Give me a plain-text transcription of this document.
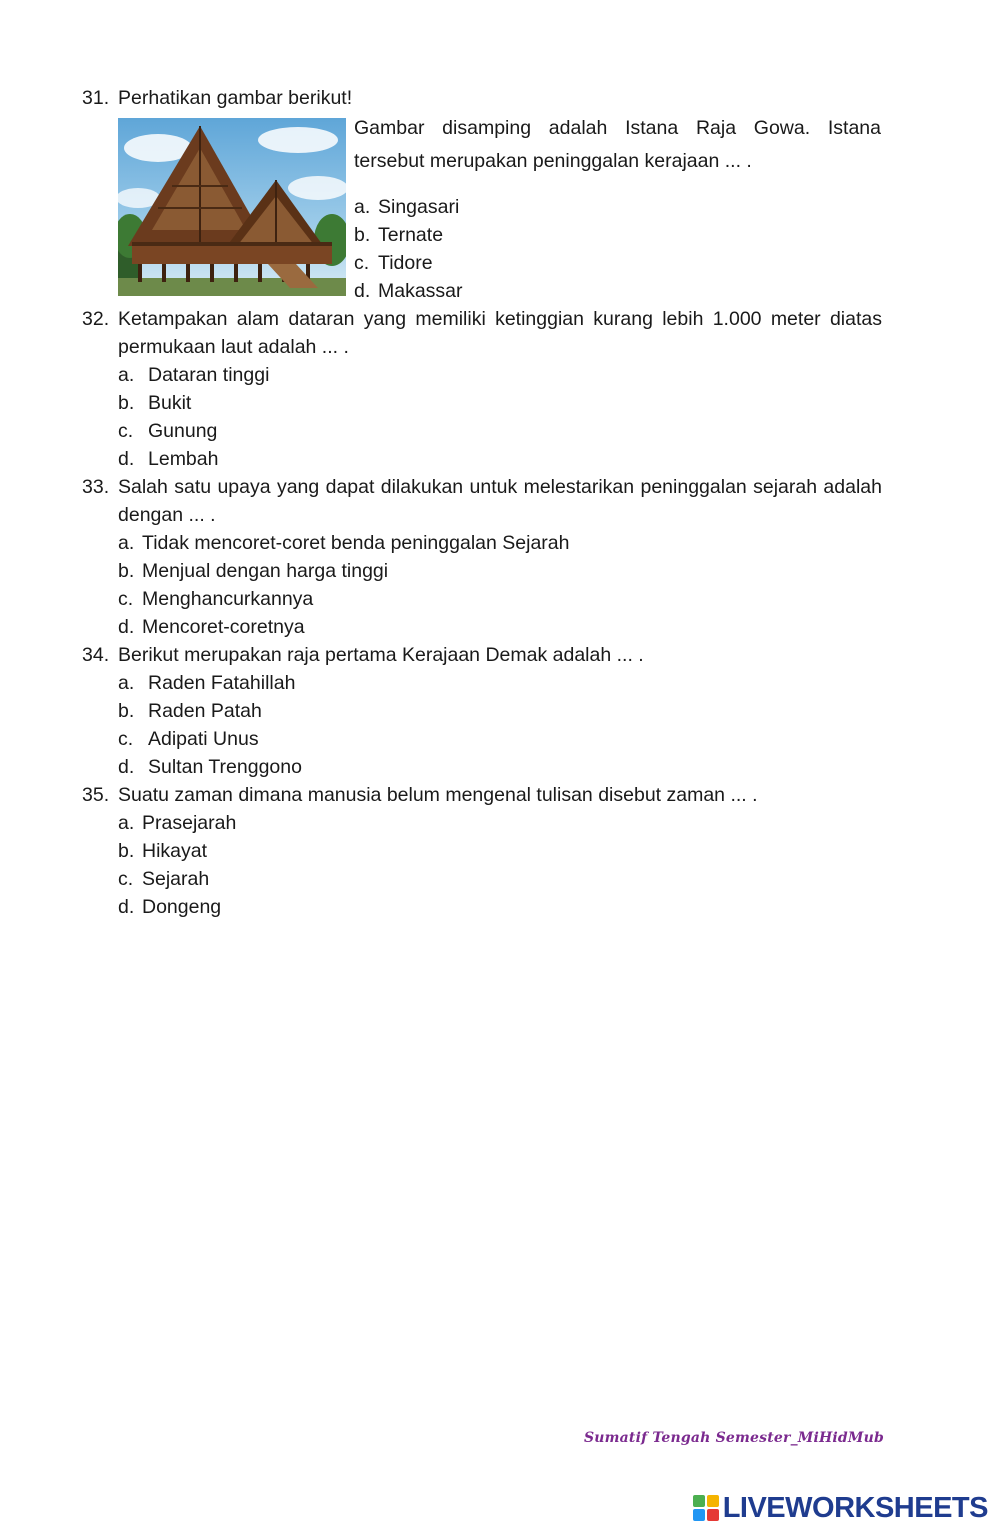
31. Perhatikan gambar berikut!
Gambar disamping adalah Istana Raja Gowa. Istana tersebut merupakan peninggalan kerajaan ... .
a. Singasari
b. Ternate
c. Tidore
d. Makassar
32. Ketampakan alam dataran yang memiliki ketinggian kurang lebih 1.000 meter diatas permukaan laut adalah ... .
a. Dataran tinggi
b. Bukit
c. Gunung
d. Lembah
33. Salah satu upaya yang dapat dilakukan untuk melestarikan peninggalan sejarah adalah dengan ... .
a. Tidak mencoret-coret benda peninggalan Sejarah
b. Menjual dengan harga tinggi
c. Menghancurkannya
d. Mencoret-coretnya
34. Berikut merupakan raja pertama Kerajaan Demak adalah ... .
a. Raden Fatahillah
b. Raden Patah
c. Adipati Unus
d. Sultan Trenggono
35. Suatu zaman dimana manusia belum mengenal tulisan disebut zaman ... .
a. Prasejarah
b. Hikayat
c. Sejarah
d. Dongeng
Sumatif Tengah Semester_MiHidMub
LIVEWORKSHEETS
